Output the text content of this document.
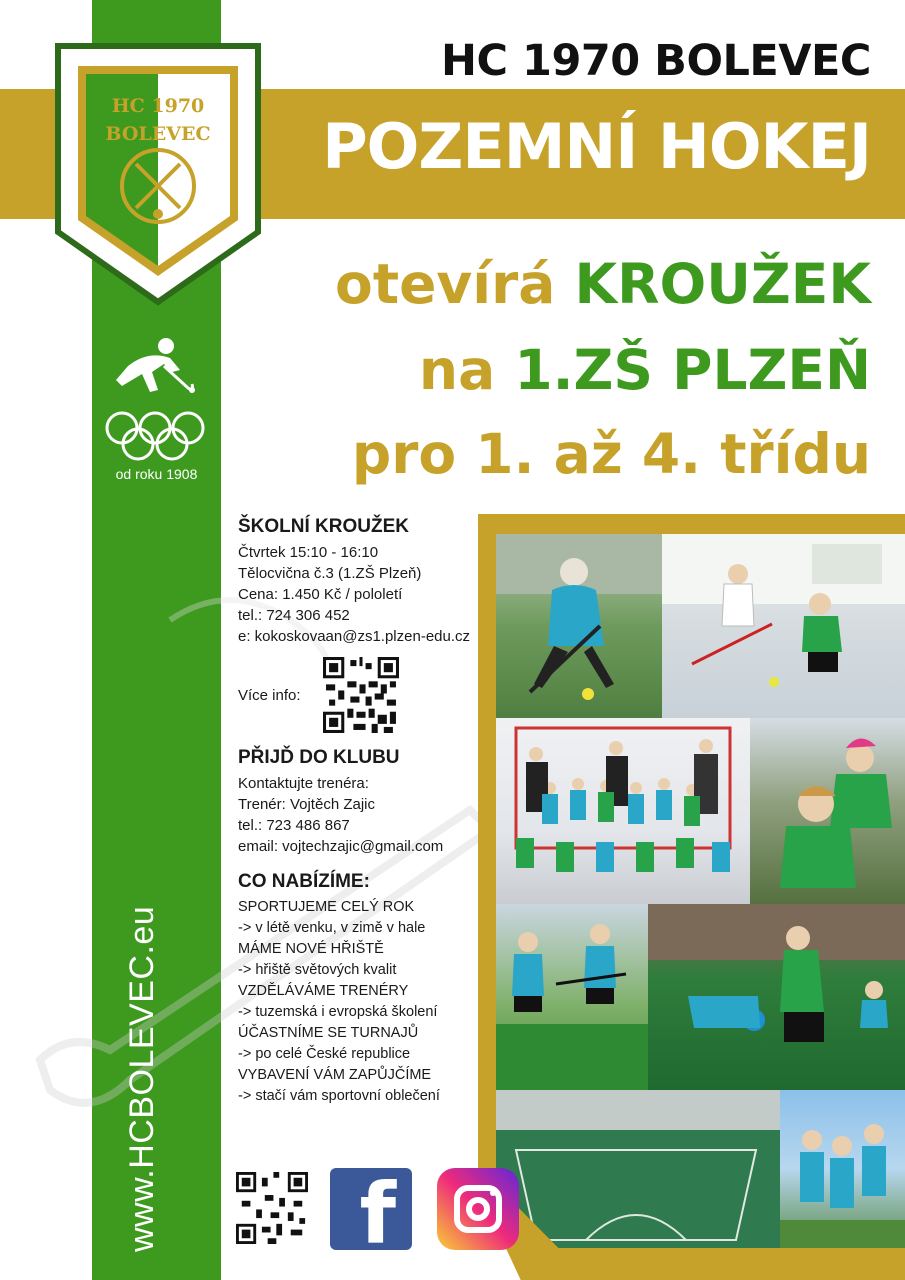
HC 1970
BOLEVEC
HC 1970 BOLEVEC
POZEMNÍ HOKEJ
otevírá KROUŽEK
na 1.ZŠ PLZEŇ
pro 1. až 4. třídu
od roku 1908
www.HCBOLEVEC.eu
ŠKOLNÍ KROUŽEK
Čtvrtek 15:10 - 16:10
Tělocvična č.3 (1.ZŠ Plzeň)
Cena: 1.450 Kč / pololetí
tel.: 724 306 452
e: kokoskovaan@zs1.plzen-edu.cz
Více info:
PŘIJĎ DO KLUBU
Kontaktujte trenéra:
Trenér: Vojtěch Zajic
tel.: 723 486 867
email: vojtechzajic@gmail.com
CO NABÍZÍME:
SPORTUJEME CELÝ ROK
-> v létě venku, v zimě v hale
MÁME NOVÉ HŘIŠTĚ
-> hřiště světových kvalit
VZDĚLÁVÁME TRENÉRY
-> tuzemská i evropská školení
ÚČASTNÍME SE TURNAJŮ
-> po celé České republice
VYBAVENÍ VÁM ZAPŮJČÍME
-> stačí vám sportovní oblečení
f
